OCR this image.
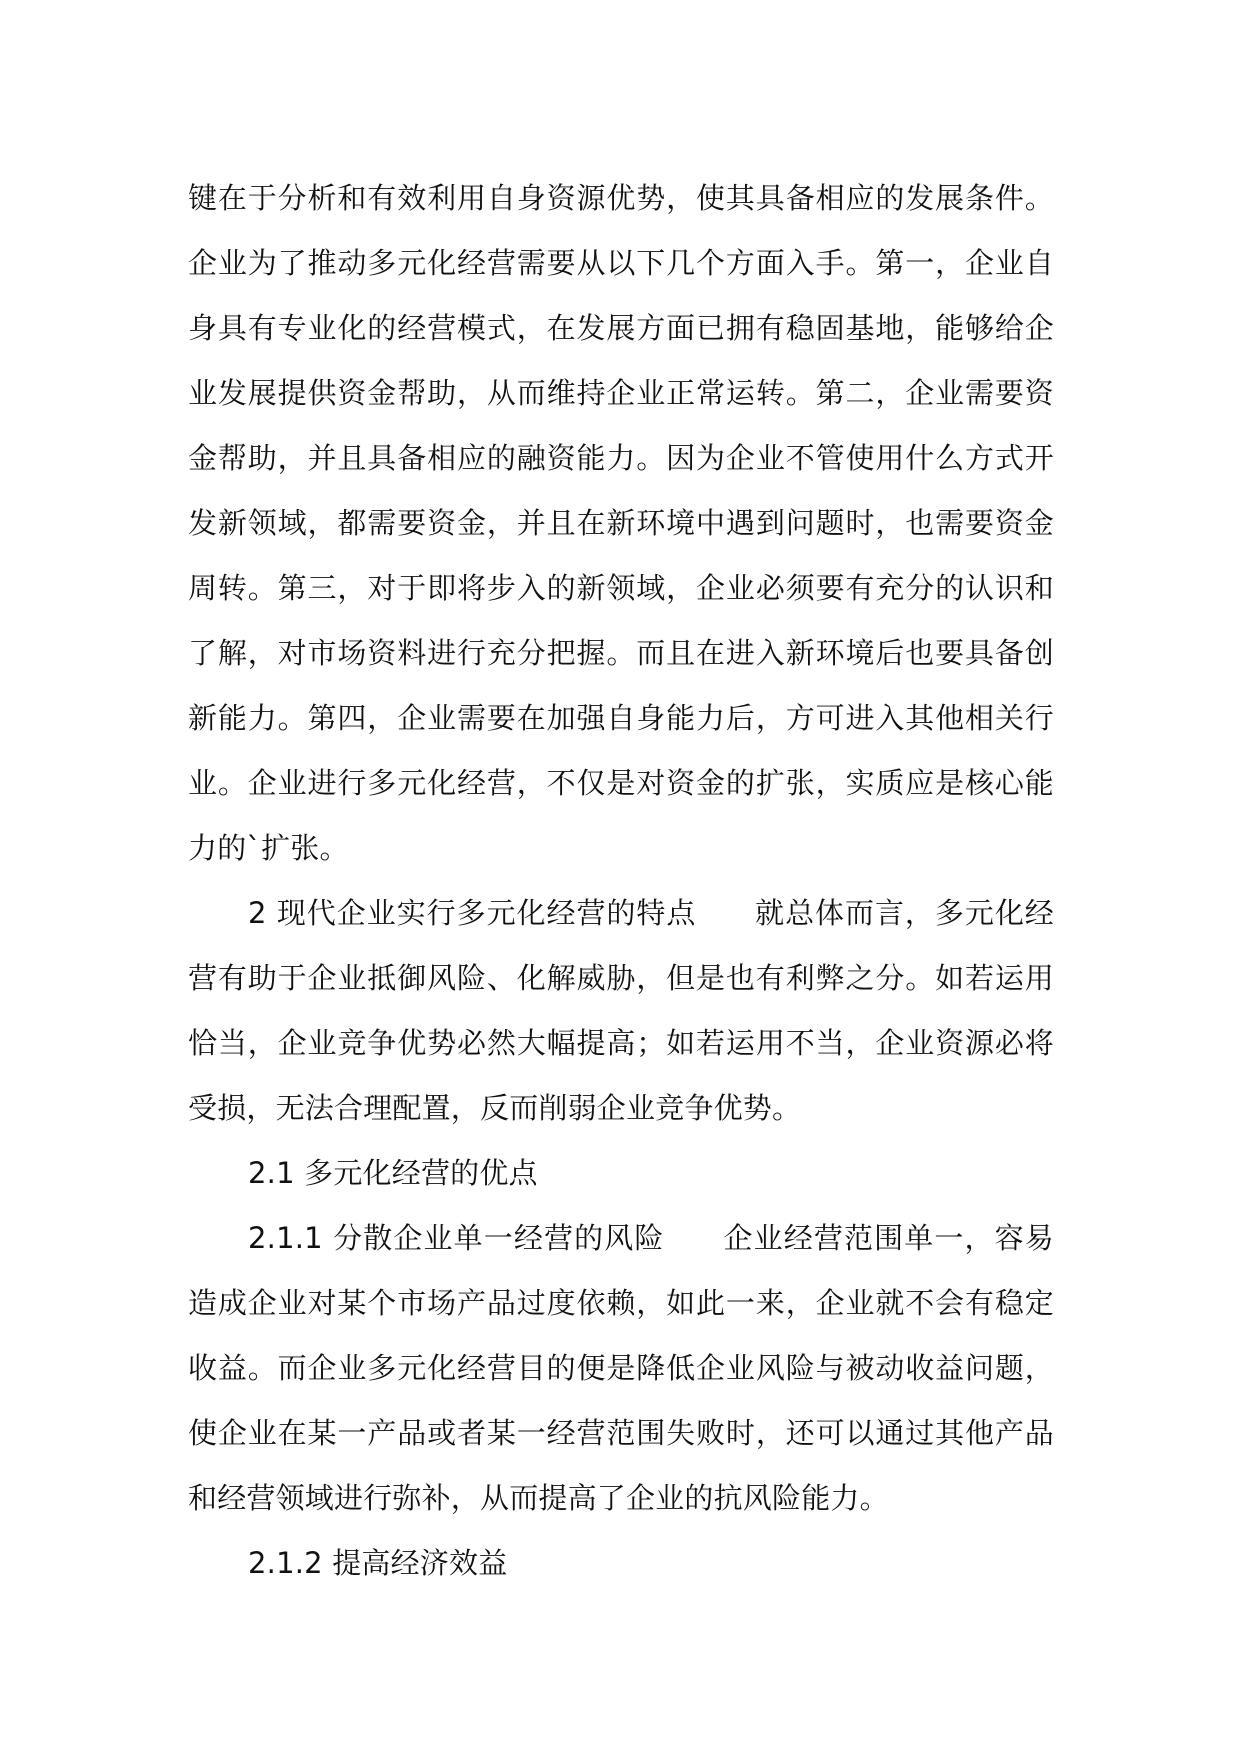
键在于分析和有效利用自身资源优势，使其具备相应的发展条件。企业为了推动多元化经营需要从以下几个方面入手。第一，企业自身具有专业化的经营模式，在发展方面已拥有稳固基地，能够给企业发展提供资金帮助，从而维持企业正常运转。第二，企业需要资金帮助，并且具备相应的融资能力。因为企业不管使用什么方式开发新领域，都需要资金，并且在新环境中遇到问题时，也需要资金周转。第三，对于即将步入的新领域，企业必须要有充分的认识和了解，对市场资料进行充分把握。而且在进入新环境后也要具备创新能力。第四，企业需要在加强自身能力后，方可进入其他相关行业。企业进行多元化经营，不仅是对资金的扩张，实质应是核心能力的`扩张。

2 现代企业实行多元化经营的特点 就总体而言，多元化经营有助于企业抵御风险、化解威胁，但是也有利弊之分。如若运用恰当，企业竞争优势必然大幅提高；如若运用不当，企业资源必将受损，无法合理配置，反而削弱企业竞争优势。

2.1 多元化经营的优点

2.1.1 分散企业单一经营的风险 企业经营范围单一，容易造成企业对某个市场产品过度依赖，如此一来，企业就不会有稳定收益。而企业多元化经营目的便是降低企业风险与被动收益问题，使企业在某一产品或者某一经营范围失败时，还可以通过其他产品和经营领域进行弥补，从而提高了企业的抗风险能力。

2.1.2 提高经济效益
